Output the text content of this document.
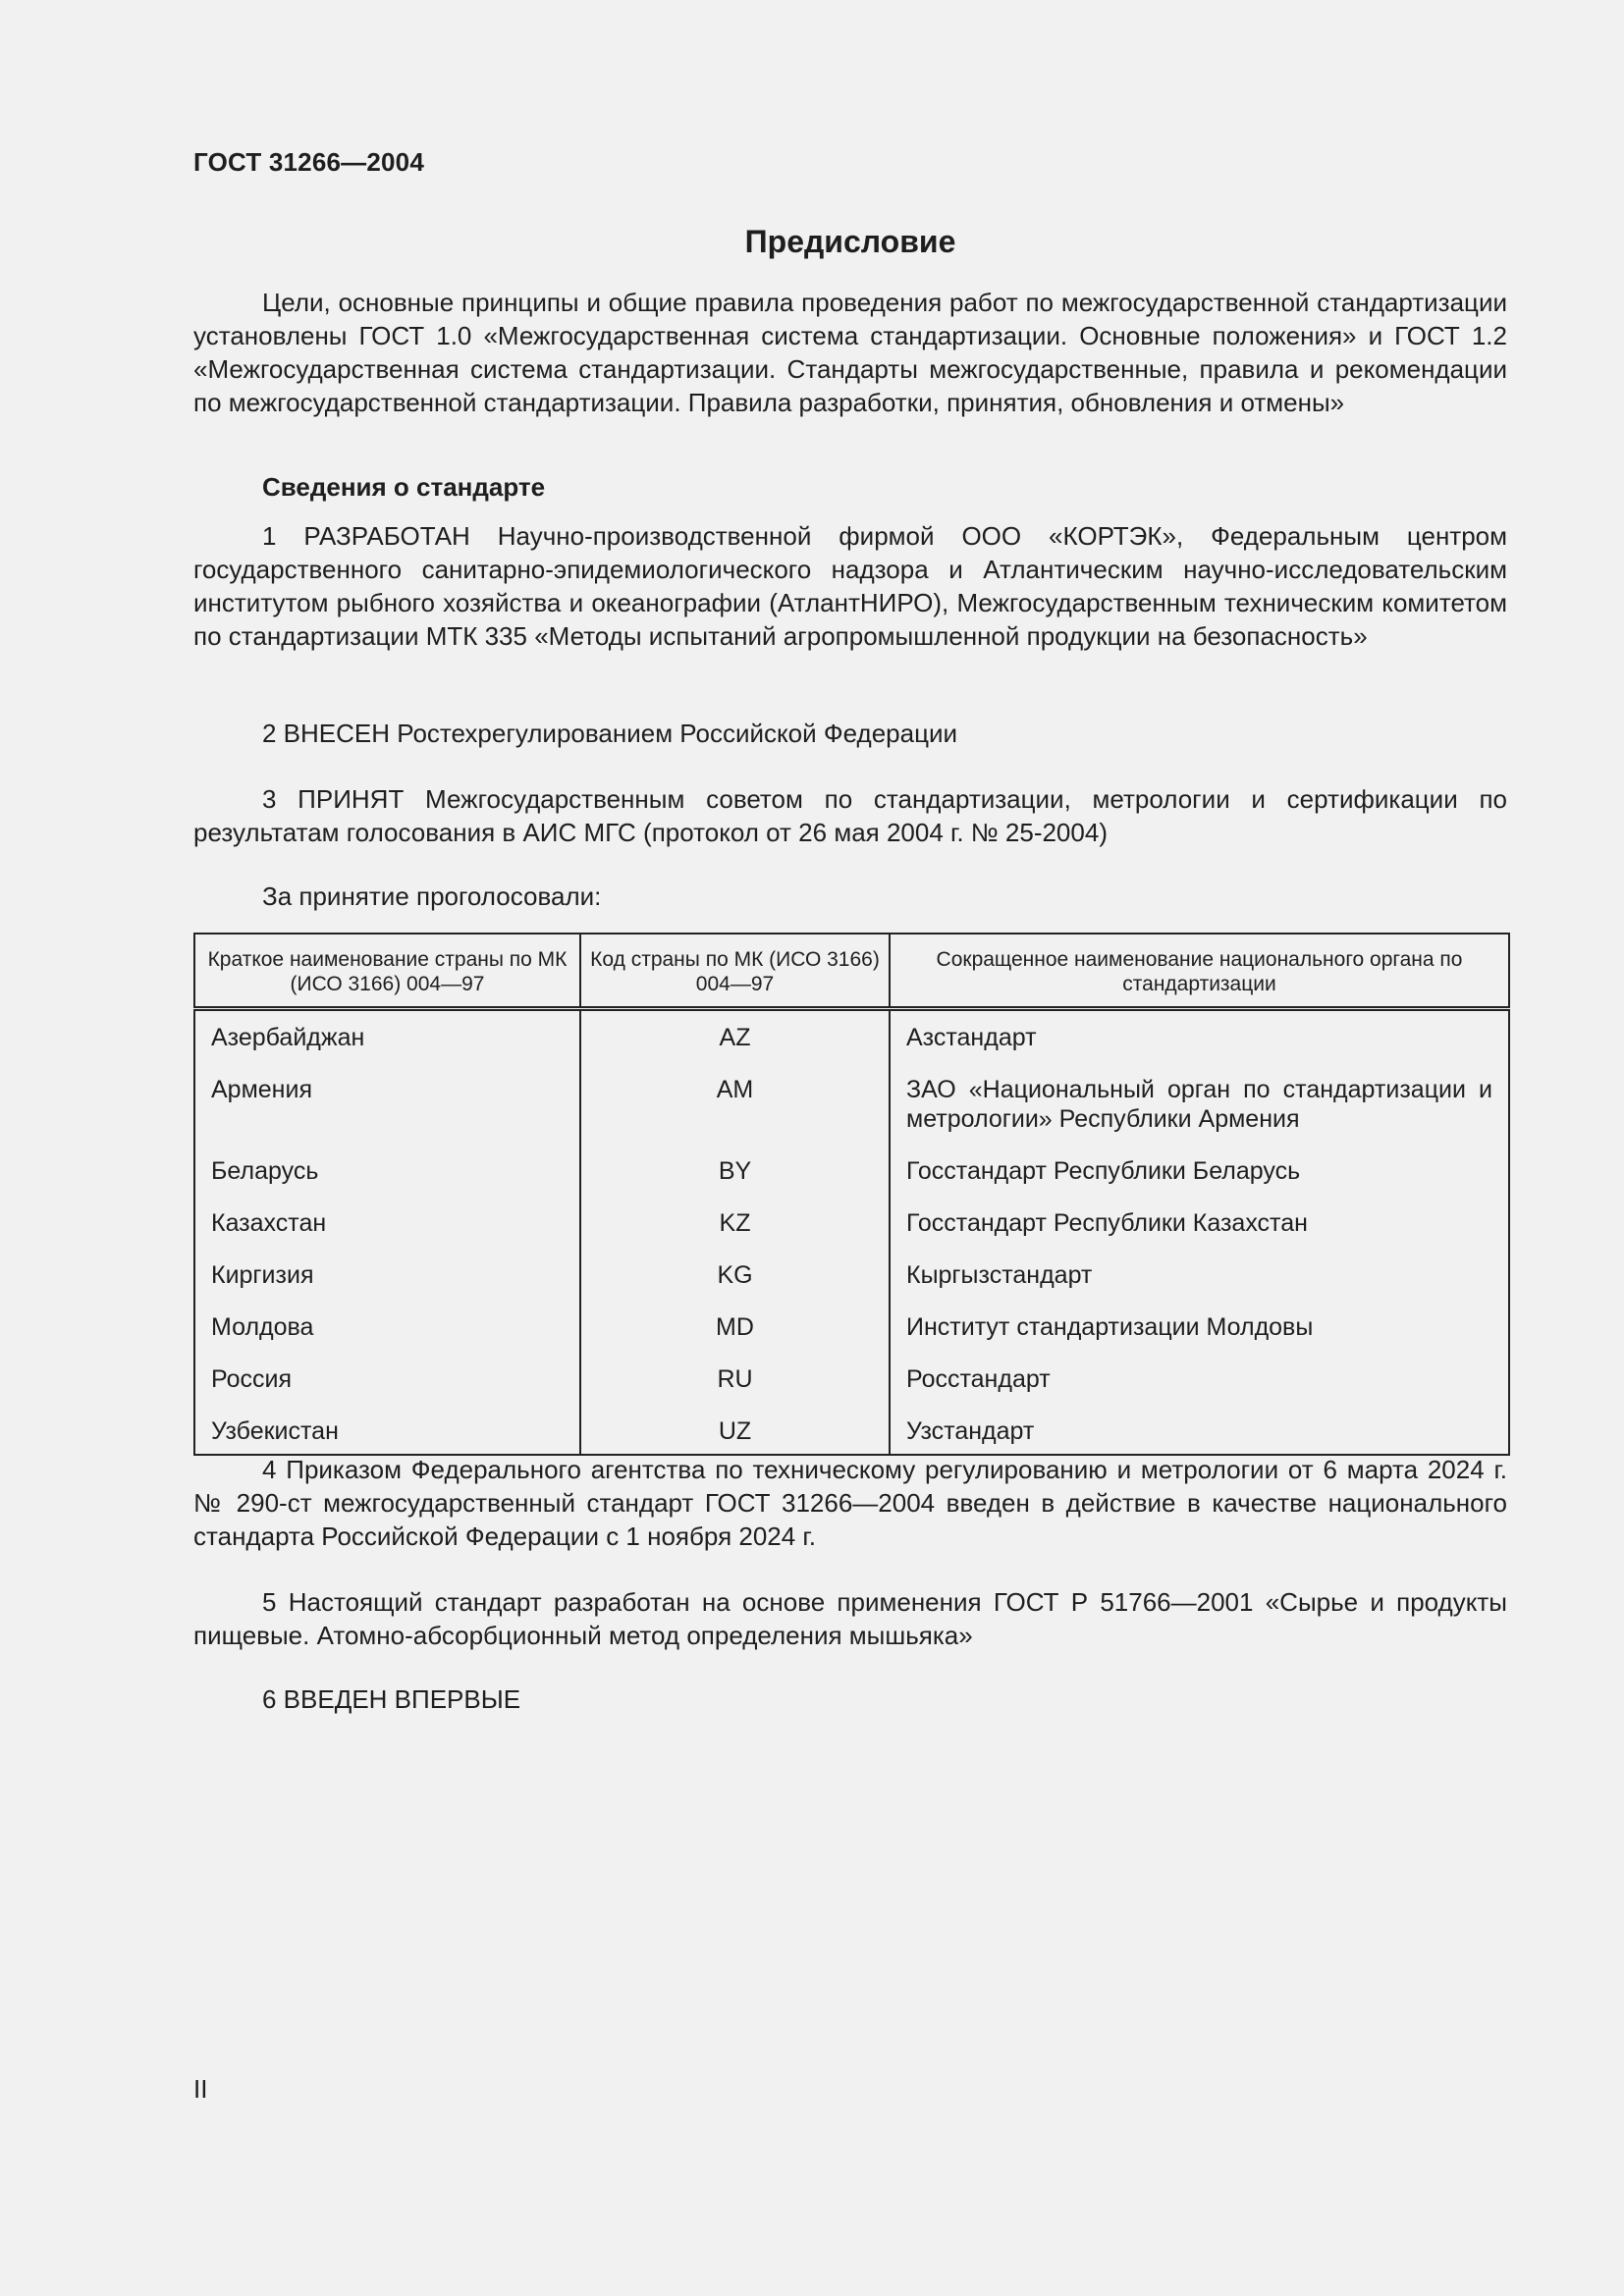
ГОСТ 31266—2004
Предисловие
Цели, основные принципы и общие правила проведения работ по межгосударственной стандартизации установлены ГОСТ 1.0 «Межгосударственная система стандартизации. Основные положения» и ГОСТ 1.2 «Межгосударственная система стандартизации. Стандарты межгосударственные, правила и рекомендации по межгосударственной стандартизации. Правила разработки, принятия, обновления и отмены»
Сведения о стандарте
1 РАЗРАБОТАН Научно-производственной фирмой ООО «КОРТЭК», Федеральным центром государственного санитарно-эпидемиологического надзора и Атлантическим научно-исследовательским институтом рыбного хозяйства и океанографии (АтлантНИРО), Межгосударственным техническим комитетом по стандартизации МТК 335 «Методы испытаний агропромышленной продукции на безопасность»
2 ВНЕСЕН Ростехрегулированием Российской Федерации
3 ПРИНЯТ Межгосударственным советом по стандартизации, метрологии и сертификации по результатам голосования в АИС МГС (протокол от 26 мая 2004 г. № 25-2004)
За принятие проголосовали:
Краткое наименование страны по МК (ИСО 3166) 004—97	Код страны по МК (ИСО 3166) 004—97	Сокращенное наименование национального органа по стандартизации
Азербайджан	AZ	Азстандарт
Армения	AM	ЗАО «Национальный орган по стандартизации и метрологии» Республики Армения
Беларусь	BY	Госстандарт Республики Беларусь
Казахстан	KZ	Госстандарт Республики Казахстан
Киргизия	KG	Кыргызстандарт
Молдова	MD	Институт стандартизации Молдовы
Россия	RU	Росстандарт
Узбекистан	UZ	Узстандарт
4 Приказом Федерального агентства по техническому регулированию и метрологии от 6 марта 2024 г. № 290-ст межгосударственный стандарт ГОСТ 31266—2004 введен в действие в качестве национального стандарта Российской Федерации с 1 ноября 2024 г.
5 Настоящий стандарт разработан на основе применения ГОСТ Р 51766—2001 «Сырье и продукты пищевые. Атомно-абсорбционный метод определения мышьяка»
6 ВВЕДЕН ВПЕРВЫЕ
II
